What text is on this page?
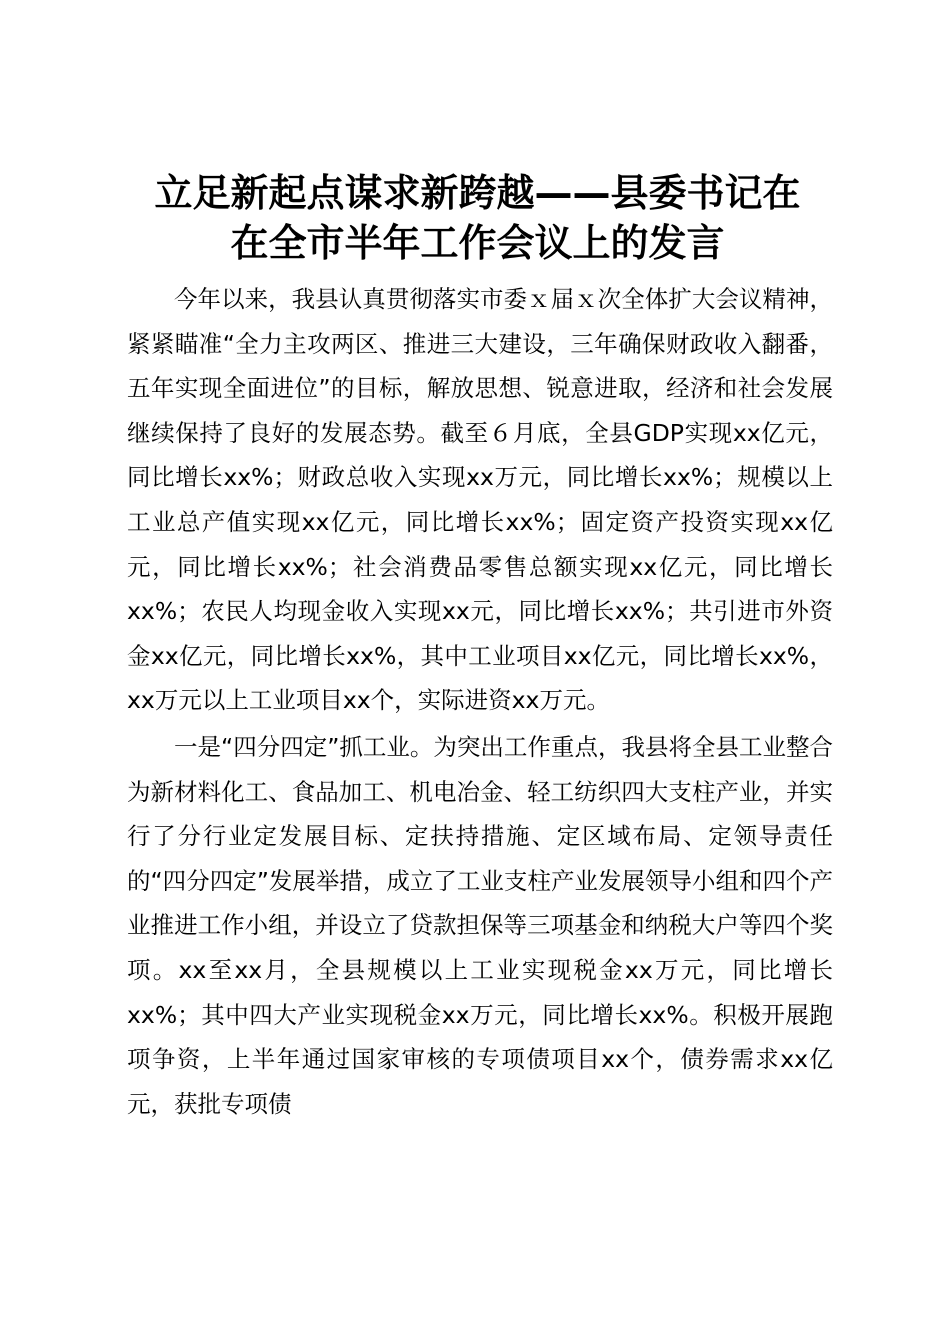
立足新起点谋求新跨越——县委书记在
在全市半年工作会议上的发言

今年以来，我县认真贯彻落实市委ｘ届ｘ次全体扩大会议精神，紧紧瞄准“全力主攻两区、推进三大建设，三年确保财政收入翻番，五年实现全面进位”的目标，解放思想、锐意进取，经济和社会发展继续保持了良好的发展态势。截至６月底，全县GDP实现xx亿元，同比增长xx%；财政总收入实现xx万元，同比增长xx%；规模以上工业总产值实现xx亿元，同比增长xx%；固定资产投资实现xx亿元，同比增长xx%；社会消费品零售总额实现xx亿元，同比增长xx%；农民人均现金收入实现xx元，同比增长xx%；共引进市外资金xx亿元，同比增长xx%，其中工业项目xx亿元，同比增长xx%，xx万元以上工业项目xx个，实际进资xx万元。

一是“四分四定”抓工业。为突出工作重点，我县将全县工业整合为新材料化工、食品加工、机电冶金、轻工纺织四大支柱产业，并实行了分行业定发展目标、定扶持措施、定区域布局、定领导责任的“四分四定”发展举措，成立了工业支柱产业发展领导小组和四个产业推进工作小组，并设立了贷款担保等三项基金和纳税大户等四个奖项。xx至xx月，全县规模以上工业实现税金xx万元，同比增长xx%；其中四大产业实现税金xx万元，同比增长xx%。积极开展跑项争资，上半年通过国家审核的专项债项目xx个，债券需求xx亿元，获批专项债
